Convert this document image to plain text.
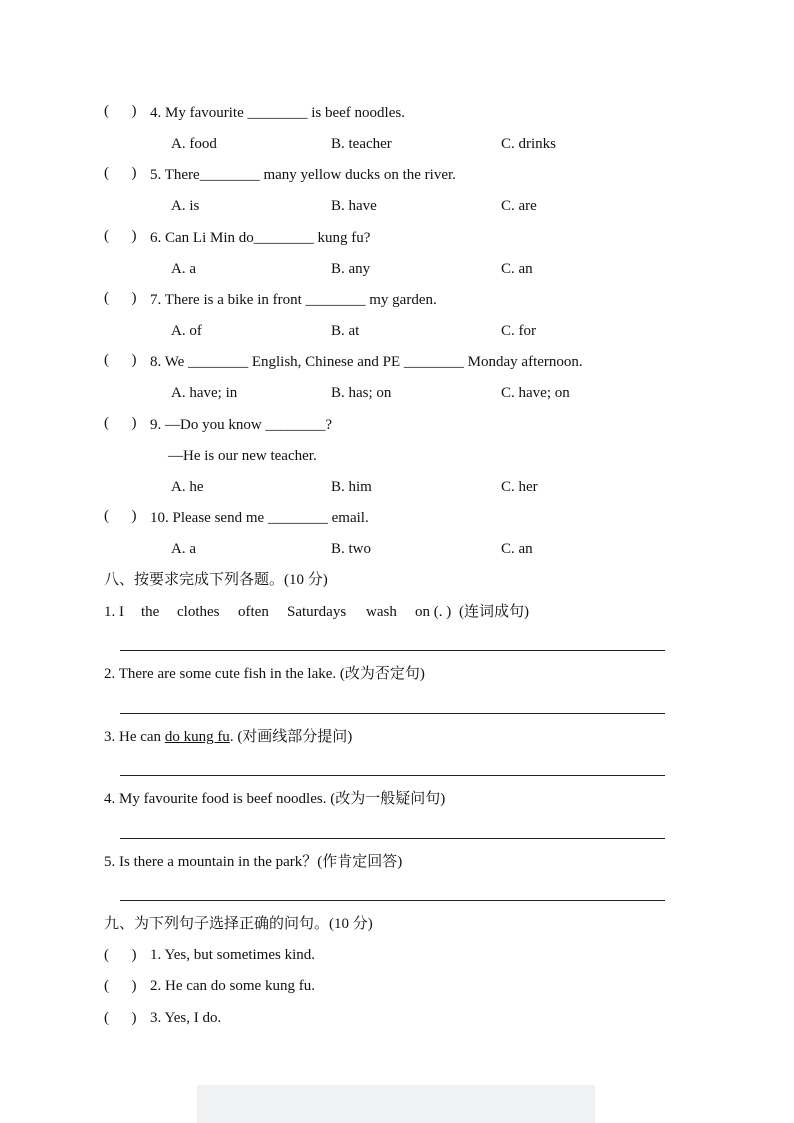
(      ) 4. My favourite ________ is beef noodles.
A. food	B. teacher	C. drinks
(      ) 5. There________ many yellow ducks on the river.
A. is	B. have	C. are
(      ) 6. Can Li Min do________ kung fu?
A. a	B. any	C. an
(      ) 7. There is a bike in front ________ my garden.
A. of	B. at	C. for
(      ) 8. We ________ English, Chinese and PE ________ Monday afternoon.
A. have; in	B. has; on	C. have; on
(      ) 9. —Do you know ________?
—He is our new teacher.
A. he	B. him	C. her
(      ) 10. Please send me ________ email.
A. a	B. two	C. an
八、按要求完成下列各题。(10 分)
1. I the clothes often Saturdays wash on (. ) (连词成句)
2. There are some cute fish in the lake. (改为否定句)
3. He can do kung fu. (对画线部分提问)
4. My favourite food is beef noodles. (改为一般疑问句)
5. Is there a mountain in the park？(作肯定回答)
九、为下列句子选择正确的问句。(10 分)
(      ) 1. Yes, but sometimes kind.
(      ) 2. He can do some kung fu.
(      ) 3. Yes, I do.
